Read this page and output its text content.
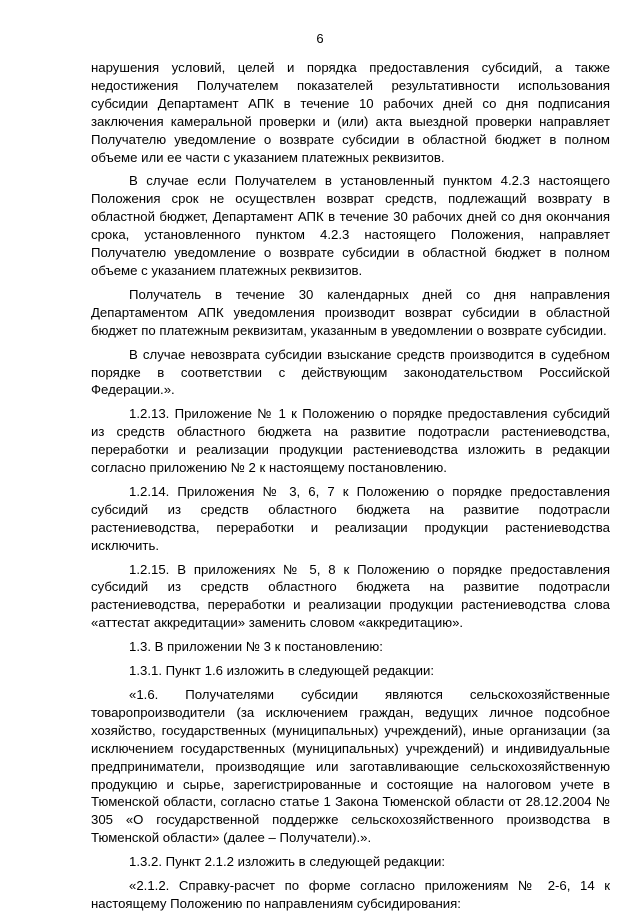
6

нарушения условий, целей и порядка предоставления субсидий, а также недостижения Получателем показателей результативности использования субсидии Департамент АПК в течение 10 рабочих дней со дня подписания заключения камеральной проверки и (или) акта выездной проверки направляет Получателю уведомление о возврате субсидии в областной бюджет в полном объеме или ее части с указанием платежных реквизитов.

В случае если Получателем в установленный пунктом 4.2.3 настоящего Положения срок не осуществлен возврат средств, подлежащий возврату в областной бюджет, Департамент АПК в течение 30 рабочих дней со дня окончания срока, установленного пунктом 4.2.3 настоящего Положения, направляет Получателю уведомление о возврате субсидии в областной бюджет в полном объеме с указанием платежных реквизитов.

Получатель в течение 30 календарных дней со дня направления Департаментом АПК уведомления производит возврат субсидии в областной бюджет по платежным реквизитам, указанным в уведомлении о возврате субсидии.

В случае невозврата субсидии взыскание средств производится в судебном порядке в соответствии с действующим законодательством Российской Федерации.».

1.2.13. Приложение № 1 к Положению о порядке предоставления субсидий из средств областного бюджета на развитие подотрасли растениеводства, переработки и реализации продукции растениеводства изложить в редакции согласно приложению № 2 к настоящему постановлению.

1.2.14. Приложения № 3, 6, 7 к Положению о порядке предоставления субсидий из средств областного бюджета на развитие подотрасли растениеводства, переработки и реализации продукции растениеводства исключить.

1.2.15. В приложениях № 5, 8 к Положению о порядке предоставления субсидий из средств областного бюджета на развитие подотрасли растениеводства, переработки и реализации продукции растениеводства слова «аттестат аккредитации» заменить словом «аккредитацию».

1.3. В приложении № 3 к постановлению:

1.3.1. Пункт 1.6 изложить в следующей редакции:

«1.6. Получателями субсидии являются сельскохозяйственные товаропроизводители (за исключением граждан, ведущих личное подсобное хозяйство, государственных (муниципальных) учреждений), иные организации (за исключением государственных (муниципальных) учреждений) и индивидуальные предприниматели, производящие или заготавливающие сельскохозяйственную продукцию и сырье, зарегистрированные и состоящие на налоговом учете в Тюменской области, согласно статье 1 Закона Тюменской области от 28.12.2004 № 305 «О государственной поддержке сельскохозяйственного производства в Тюменской области» (далее – Получатели).».

1.3.2. Пункт 2.1.2 изложить в следующей редакции:

«2.1.2. Справку-расчет по форме согласно приложениям № 2-6, 14 к настоящему Положению по направлениям субсидирования:
